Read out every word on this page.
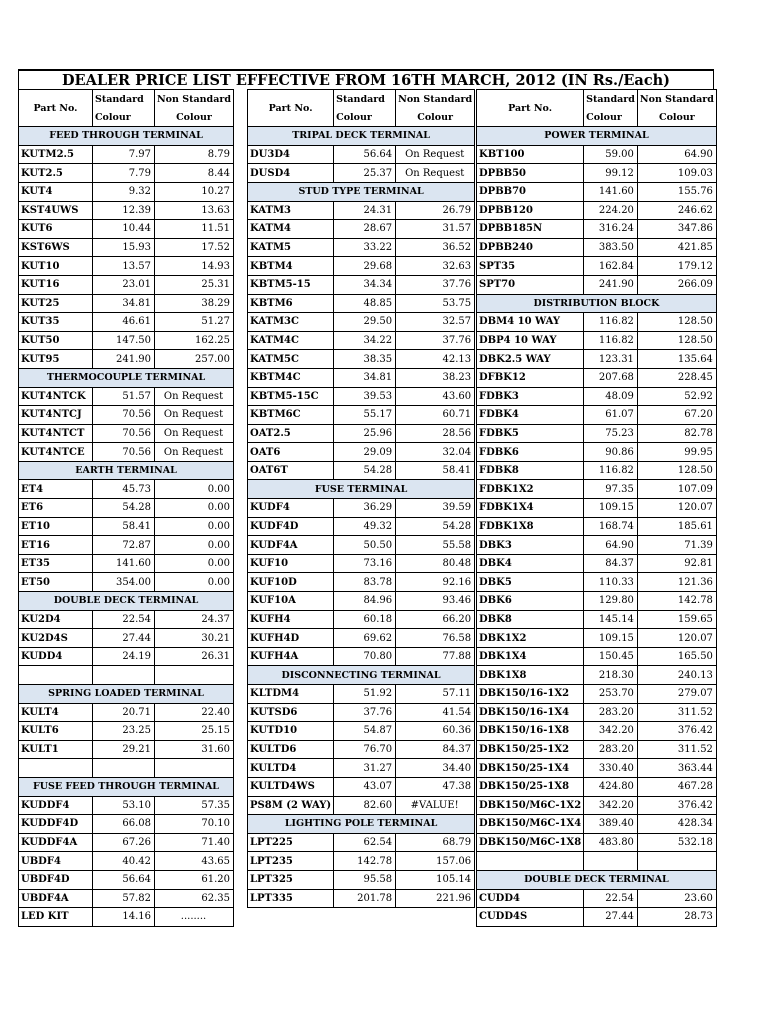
DEALER PRICE LIST EFFECTIVE FROM 16TH MARCH, 2012 (IN Rs./Each)
Part No.	Standard	Non Standard
	Colour	Colour
FEED THROUGH TERMINAL		
KUTM2.5	7.97	8.79
KUT2.5	7.79	8.44
KUT4	9.32	10.27
KST4UWS	12.39	13.63
KUT6	10.44	11.51
KST6WS	15.93	17.52
KUT10	13.57	14.93
KUT16	23.01	25.31
KUT25	34.81	38.29
KUT35	46.61	51.27
KUT50	147.50	162.25
KUT95	241.90	257.00
THERMOCOUPLE TERMINAL		
KUT4NTCK	51.57	On Request
KUT4NTCJ	70.56	On Request
KUT4NTCT	70.56	On Request
KUT4NTCE	70.56	On Request
EARTH TERMINAL		
ET4	45.73	0.00
ET6	54.28	0.00
ET10	58.41	0.00
ET16	72.87	0.00
ET35	141.60	0.00
ET50	354.00	0.00
DOUBLE DECK TERMINAL		
KU2D4	22.54	24.37
KU2D4S	27.44	30.21
KUDD4	24.19	26.31

SPRING LOADED TERMINAL		
KULT4	20.71	22.40
KULT6	23.25	25.15
KULT1	29.21	31.60

FUSE FEED THROUGH TERMINAL		
KUDDF4	53.10	57.35
KUDDF4D	66.08	70.10
KUDDF4A	67.26	71.40
UBDF4	40.42	43.65
UBDF4D	56.64	61.20
UBDF4A	57.82	62.35
LED KIT	14.16	........
Part No.	Standard	Non Standard
	Colour	Colour
TRIPAL DECK TERMINAL		
DU3D4	56.64	On Request
DUSD4	25.37	On Request
STUD TYPE TERMINAL		
KATM3	24.31	26.79
KATM4	28.67	31.57
KATM5	33.22	36.52
KBTM4	29.68	32.63
KBTM5-15	34.34	37.76
KBTM6	48.85	53.75
KATM3C	29.50	32.57
KATM4C	34.22	37.76
KATM5C	38.35	42.13
KBTM4C	34.81	38.23
KBTM5-15C	39.53	43.60
KBTM6C	55.17	60.71
OAT2.5	25.96	28.56
OAT6	29.09	32.04
OAT6T	54.28	58.41
FUSE TERMINAL		
KUDF4	36.29	39.59
KUDF4D	49.32	54.28
KUDF4A	50.50	55.58
KUF10	73.16	80.48
KUF10D	83.78	92.16
KUF10A	84.96	93.46
KUFH4	60.18	66.20
KUFH4D	69.62	76.58
KUFH4A	70.80	77.88
DISCONNECTING TERMINAL		
KLTDM4	51.92	57.11
KUTSD6	37.76	41.54
KUTD10	54.87	60.36
KULTD6	76.70	84.37
KULTD4	31.27	34.40
KULTD4WS	43.07	47.38
PS8M (2 WAY)	82.60	#VALUE!
LIGHTING POLE TERMINAL		
LPT225	62.54	68.79
LPT235	142.78	157.06
LPT325	95.58	105.14
LPT335	201.78	221.96
Part No.	Standard	Non Standard
	Colour	Colour
POWER TERMINAL		
KBT100	59.00	64.90
DPBB50	99.12	109.03
DPBB70	141.60	155.76
DPBB120	224.20	246.62
DPBB185N	316.24	347.86
DPBB240	383.50	421.85
SPT35	162.84	179.12
SPT70	241.90	266.09
DISTRIBUTION BLOCK		
DBM4 10 WAY	116.82	128.50
DBP4 10 WAY	116.82	128.50
DBK2.5 WAY	123.31	135.64
DFBK12	207.68	228.45
FDBK3	48.09	52.92
FDBK4	61.07	67.20
FDBK5	75.23	82.78
FDBK6	90.86	99.95
FDBK8	116.82	128.50
FDBK1X2	97.35	107.09
FDBK1X4	109.15	120.07
FDBK1X8	168.74	185.61
DBK3	64.90	71.39
DBK4	84.37	92.81
DBK5	110.33	121.36
DBK6	129.80	142.78
DBK8	145.14	159.65
DBK1X2	109.15	120.07
DBK1X4	150.45	165.50
DBK1X8	218.30	240.13
DBK150/16-1X2	253.70	279.07
DBK150/16-1X4	283.20	311.52
DBK150/16-1X8	342.20	376.42
DBK150/25-1X2	283.20	311.52
DBK150/25-1X4	330.40	363.44
DBK150/25-1X8	424.80	467.28
DBK150/M6C-1X2	342.20	376.42
DBK150/M6C-1X4	389.40	428.34
DBK150/M6C-1X8	483.80	532.18

DOUBLE DECK TERMINAL		
CUDD4	22.54	23.60
CUDD4S	27.44	28.73
